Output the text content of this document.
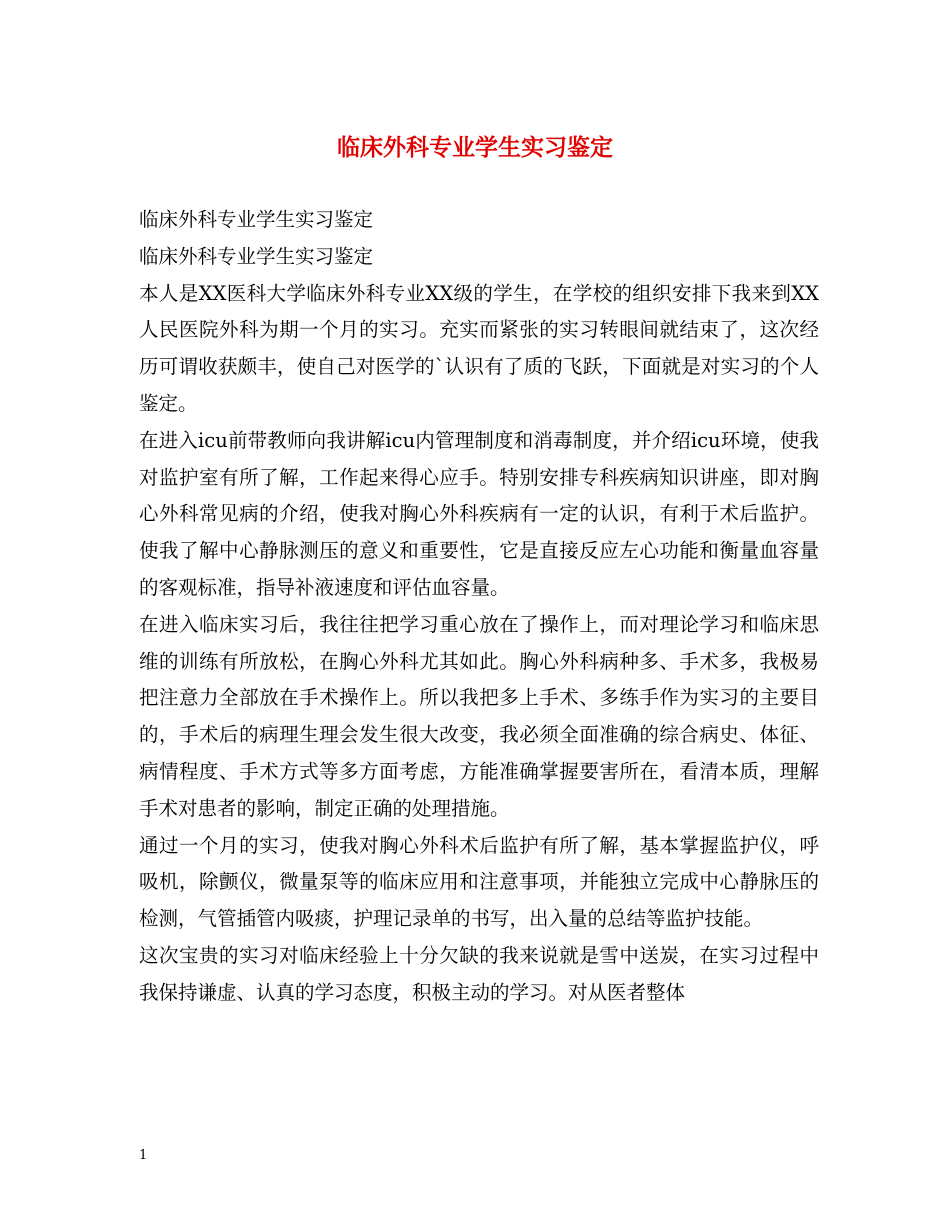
临床外科专业学生实习鉴定

临床外科专业学生实习鉴定

临床外科专业学生实习鉴定

本人是XX医科大学临床外科专业XX级的学生，在学校的组织安排下我来到XX人民医院外科为期一个月的实习。充实而紧张的实习转眼间就结束了，这次经历可谓收获颇丰，使自己对医学的`认识有了质的飞跃，下面就是对实习的个人鉴定。

在进入icu前带教师向我讲解icu内管理制度和消毒制度，并介绍icu环境，使我对监护室有所了解，工作起来得心应手。特别安排专科疾病知识讲座，即对胸心外科常见病的介绍，使我对胸心外科疾病有一定的认识，有利于术后监护。使我了解中心静脉测压的意义和重要性，它是直接反应左心功能和衡量血容量的客观标准，指导补液速度和评估血容量。

在进入临床实习后，我往往把学习重心放在了操作上，而对理论学习和临床思维的训练有所放松，在胸心外科尤其如此。胸心外科病种多、手术多，我极易把注意力全部放在手术操作上。所以我把多上手术、多练手作为实习的主要目的，手术后的病理生理会发生很大改变，我必须全面准确的综合病史、体征、病情程度、手术方式等多方面考虑，方能准确掌握要害所在，看清本质，理解手术对患者的影响，制定正确的处理措施。

通过一个月的实习，使我对胸心外科术后监护有所了解，基本掌握监护仪，呼吸机，除颤仪，微量泵等的临床应用和注意事项，并能独立完成中心静脉压的检测，气管插管内吸痰，护理记录单的书写，出入量的总结等监护技能。

这次宝贵的实习对临床经验上十分欠缺的我来说就是雪中送炭，在实习过程中我保持谦虚、认真的学习态度，积极主动的学习。对从医者整体

1
